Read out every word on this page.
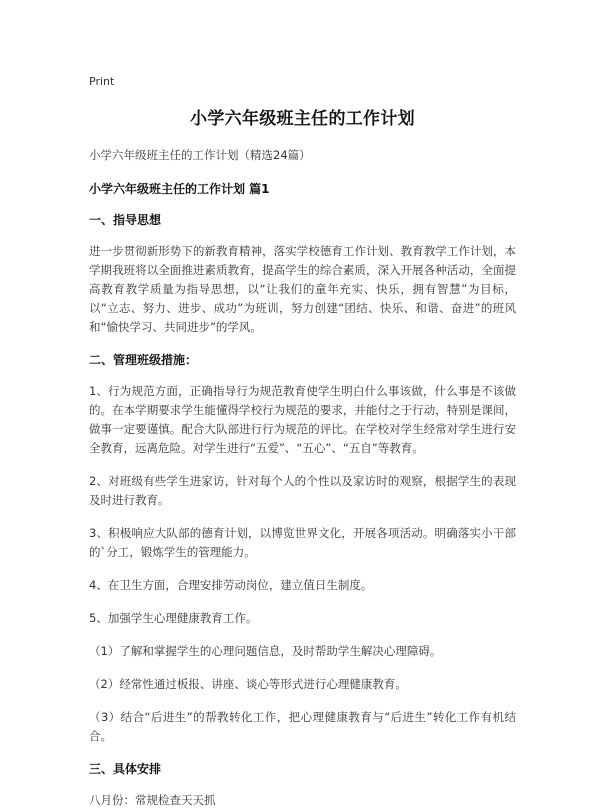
Print
小学六年级班主任的工作计划

小学六年级班主任的工作计划（精选24篇）

小学六年级班主任的工作计划 篇1

一、指导思想

进一步贯彻新形势下的新教育精神，落实学校德育工作计划、教育教学工作计划，本学期我班将以全面推进素质教育，提高学生的综合素质，深入开展各种活动，全面提高教育教学质量为指导思想，以“让我们的童年充实、快乐，拥有智慧”为目标，以“立志、努力、进步、成功”为班训，努力创建“团结、快乐、和谐、奋进”的班风和“愉快学习、共同进步”的学风。

二、管理班级措施：

1、行为规范方面，正确指导行为规范教育使学生明白什么事该做，什么事是不该做的。在本学期要求学生能懂得学校行为规范的要求，并能付之于行动，特别是课间，做事一定要谨慎。配合大队部进行行为规范的评比。在学校对学生经常对学生进行安全教育，远离危险。对学生进行“五爱”、“五心”、“五自”等教育。

2、对班级有些学生进家访，针对每个人的个性以及家访时的观察，根据学生的表现及时进行教育。

3、积极响应大队部的德育计划，以博览世界文化，开展各项活动。明确落实小干部的`分工，锻炼学生的管理能力。

4、在卫生方面，合理安排劳动岗位，建立值日生制度。

5、加强学生心理健康教育工作。

（1）了解和掌握学生的心理问题信息，及时帮助学生解决心理障碍。

（2）经常性通过板报、讲座、谈心等形式进行心理健康教育。

（3）结合“后进生”的帮教转化工作，把心理健康教育与“后进生”转化工作有机结合。

三、具体安排

八月份：常规检查天天抓
